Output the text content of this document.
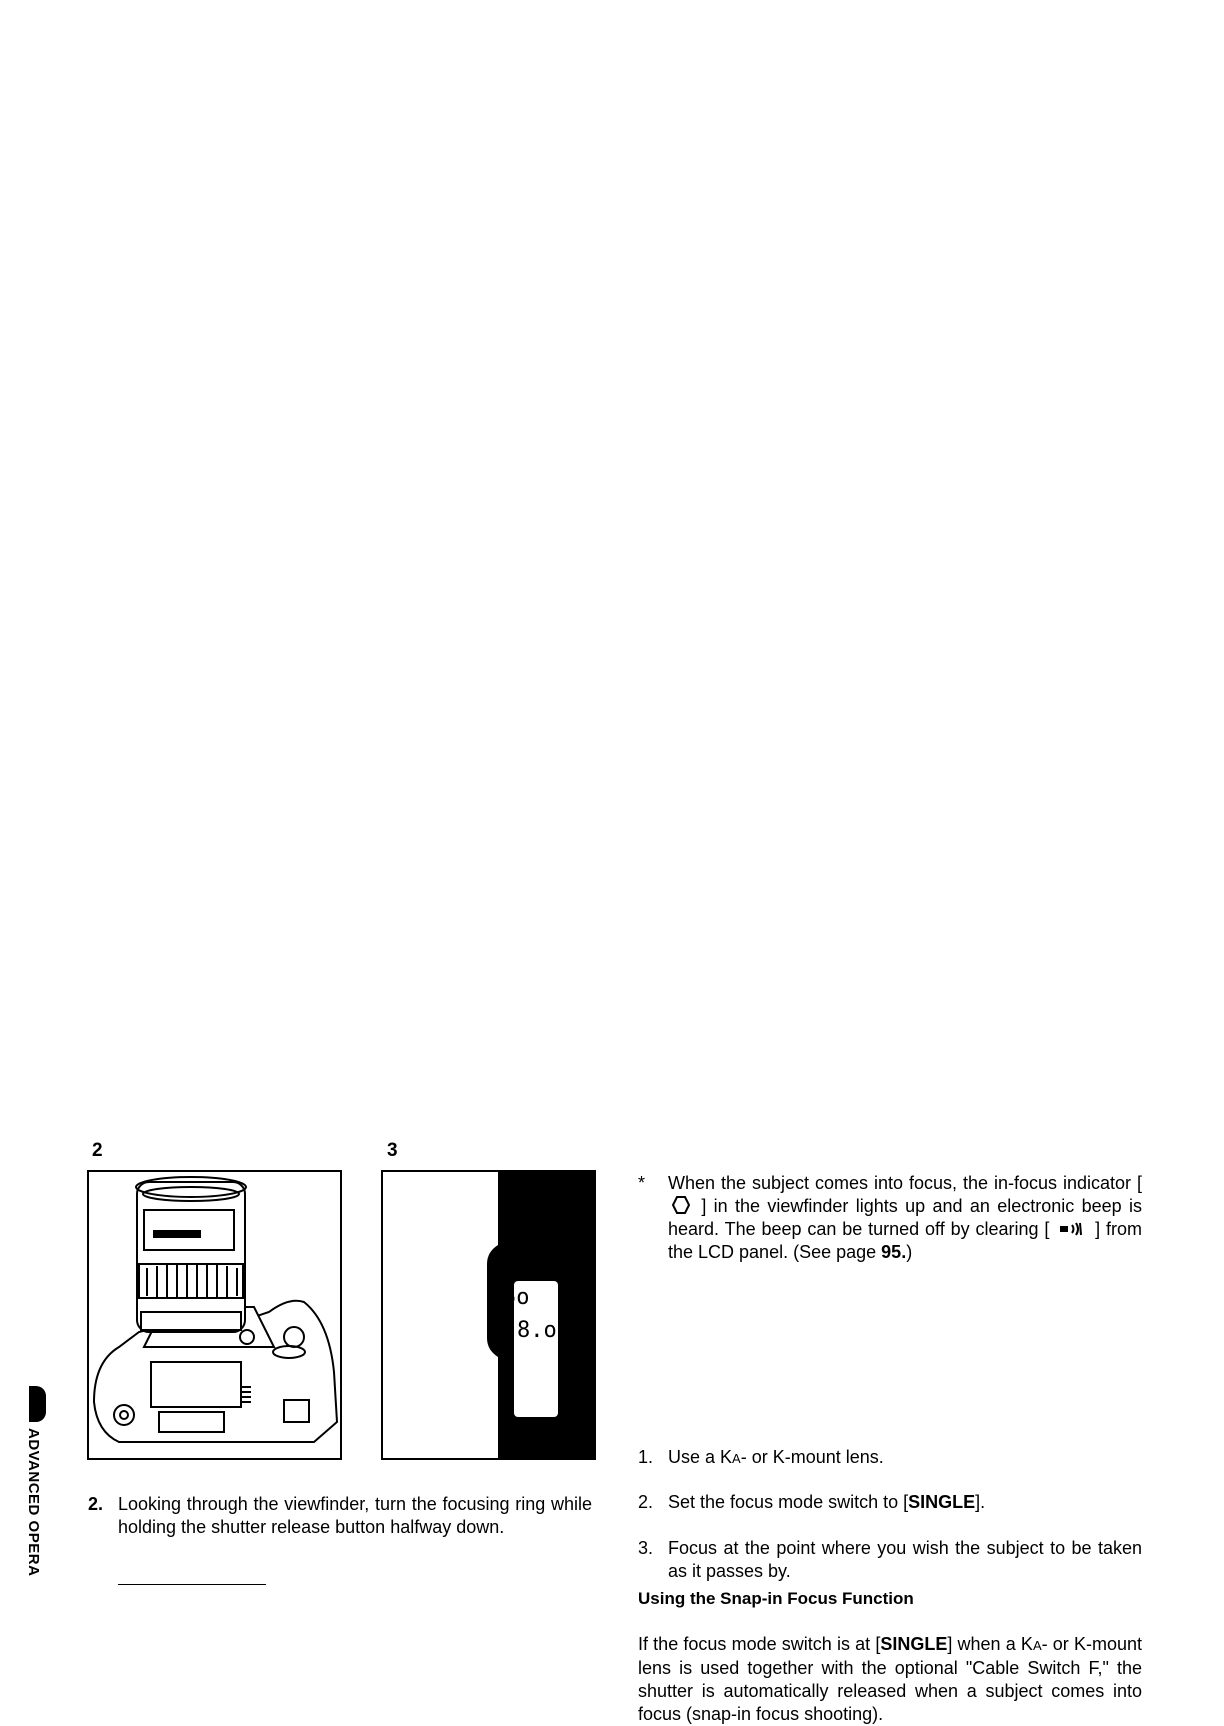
2	3
5o
8.o
ADVANCED OPERA	2. Looking through the viewfinder, turn the focusing ring while holding the shutter release button halfway down.
* When the subject comes into focus, the in-focus indicator [  ] in the viewfinder lights up and an electronic beep is heard. The beep can be turned off by clearing [	] from the LCD panel. (See page 95.)
Using the Snap-in Focus Function
If the focus mode switch is at [SINGLE] when a KA- or K-mount lens is used together with the optional "Cable Switch F," the shutter is automatically released when a subject comes into focus (snap-in focus shooting).
1. Use a KA- or K-mount lens.
2. Set the focus mode switch to [SINGLE].
3. Focus at the point where you wish the subject to be taken as it passes by.
